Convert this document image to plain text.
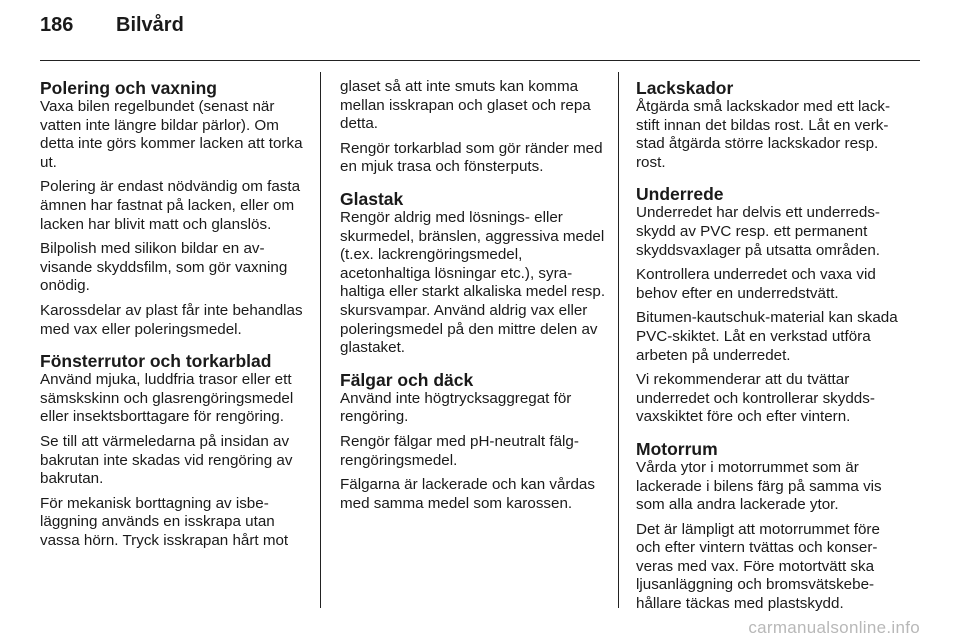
186	Bilvård
Polering och vaxning

Vaxa bilen regelbundet (senast när vatten inte längre bildar pärlor). Om detta inte görs kommer lacken att torka ut.

Polering är endast nödvändig om fasta ämnen har fastnat på lacken, eller om lacken har blivit matt och glanslös.

Bilpolish med silikon bildar en avvisande skyddsfilm, som gör vaxning onödig.

Karossdelar av plast får inte behandlas med vax eller poleringsmedel.

Fönsterrutor och torkarblad

Använd mjuka, luddfria trasor eller ett sämskskinn och glasrengöringsmedel eller insektsborttagare för rengöring.

Se till att värmeledarna på insidan av bakrutan inte skadas vid rengöring av bakrutan.

För mekanisk borttagning av isbeläggning används en isskrapa utan vassa hörn. Tryck isskrapan hårt mot

glaset så att inte smuts kan komma mellan isskrapan och glaset och repa detta.

Rengör torkarblad som gör ränder med en mjuk trasa och fönsterputs.

Glastak

Rengör aldrig med lösnings- eller skurmedel, bränslen, aggressiva medel (t.ex. lackrengöringsmedel, acetonhaltiga lösningar etc.), syrahaltiga eller starkt alkaliska medel resp. skursvampar. Använd aldrig vax eller poleringsmedel på den mittre delen av glastaket.

Fälgar och däck

Använd inte högtrycksaggregat för rengöring.

Rengör fälgar med pH-neutralt fälgrengöringsmedel.

Fälgarna är lackerade och kan vårdas med samma medel som karossen.

Lackskador

Åtgärda små lackskador med ett lackstift innan det bildas rost. Låt en verkstad åtgärda större lackskador resp. rost.

Underrede

Underredet har delvis ett underredsskydd av PVC resp. ett permanent skyddsvaxlager på utsatta områden.

Kontrollera underredet och vaxa vid behov efter en underredstvätt.

Bitumen-kautschuk-material kan skada PVC-skiktet. Låt en verkstad utföra arbeten på underredet.

Vi rekommenderar att du tvättar underredet och kontrollerar skyddsvaxskiktet före och efter vintern.

Motorrum

Vårda ytor i motorrummet som är lackerade i bilens färg på samma vis som alla andra lackerade ytor.

Det är lämpligt att motorrummet före och efter vintern tvättas och konserveras med vax. Före motortvätt ska ljusanläggning och bromsvätskebehållare täckas med plastskydd.

carmanualsonline.info
